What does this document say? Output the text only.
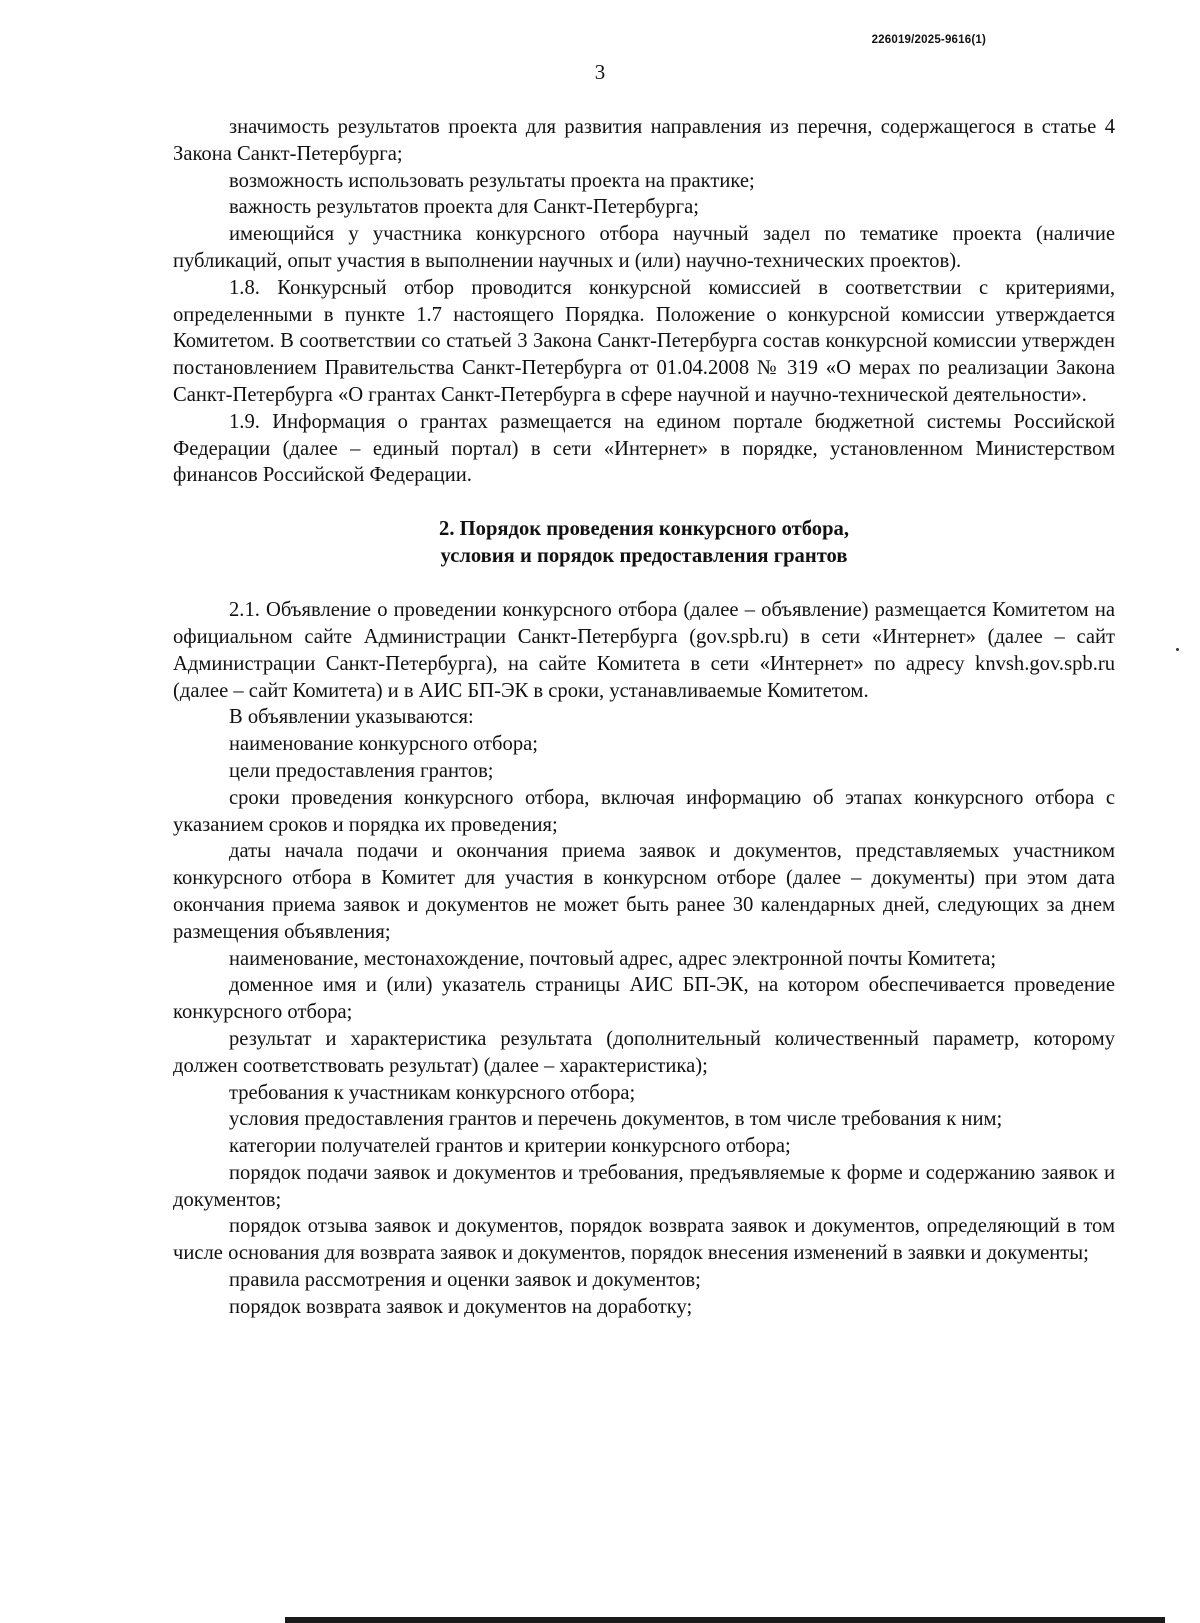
226019/2025-9616(1)
3

значимость результатов проекта для развития направления из перечня, содержащегося в статье 4 Закона Санкт-Петербурга;

возможность использовать результаты проекта на практике;

важность результатов проекта для Санкт-Петербурга;

имеющийся у участника конкурсного отбора научный задел по тематике проекта (наличие публикаций, опыт участия в выполнении научных и (или) научно-технических проектов).

1.8. Конкурсный отбор проводится конкурсной комиссией в соответствии с критериями, определенными в пункте 1.7 настоящего Порядка. Положение о конкурсной комиссии утверждается Комитетом. В соответствии со статьей 3 Закона Санкт-Петербурга состав конкурсной комиссии утвержден постановлением Правительства Санкт-Петербурга от 01.04.2008 № 319 «О мерах по реализации Закона Санкт-Петербурга «О грантах Санкт-Петербурга в сфере научной и научно-технической деятельности».

1.9. Информация о грантах размещается на едином портале бюджетной системы Российской Федерации (далее – единый портал) в сети «Интернет» в порядке, установленном Министерством финансов Российской Федерации.

2. Порядок проведения конкурсного отбора,
условия и порядок предоставления грантов

2.1. Объявление о проведении конкурсного отбора (далее – объявление) размещается Комитетом на официальном сайте Администрации Санкт-Петербурга (gov.spb.ru) в сети «Интернет» (далее – сайт Администрации Санкт-Петербурга), на сайте Комитета в сети «Интернет» по адресу knvsh.gov.spb.ru (далее – сайт Комитета) и в АИС БП-ЭК в сроки, устанавливаемые Комитетом.

В объявлении указываются:

наименование конкурсного отбора;

цели предоставления грантов;

сроки проведения конкурсного отбора, включая информацию об этапах конкурсного отбора с указанием сроков и порядка их проведения;

даты начала подачи и окончания приема заявок и документов, представляемых участником конкурсного отбора в Комитет для участия в конкурсном отборе (далее – документы) при этом дата окончания приема заявок и документов не может быть ранее 30 календарных дней, следующих за днем размещения объявления;

наименование, местонахождение, почтовый адрес, адрес электронной почты Комитета;

доменное имя и (или) указатель страницы АИС БП-ЭК, на котором обеспечивается проведение конкурсного отбора;

результат и характеристика результата (дополнительный количественный параметр, которому должен соответствовать результат) (далее – характеристика);

требования к участникам конкурсного отбора;

условия предоставления грантов и перечень документов, в том числе требования к ним;

категории получателей грантов и критерии конкурсного отбора;

порядок подачи заявок и документов и требования, предъявляемые к форме и содержанию заявок и документов;

порядок отзыва заявок и документов, порядок возврата заявок и документов, определяющий в том числе основания для возврата заявок и документов, порядок внесения изменений в заявки и документы;

правила рассмотрения и оценки заявок и документов;

порядок возврата заявок и документов на доработку;
